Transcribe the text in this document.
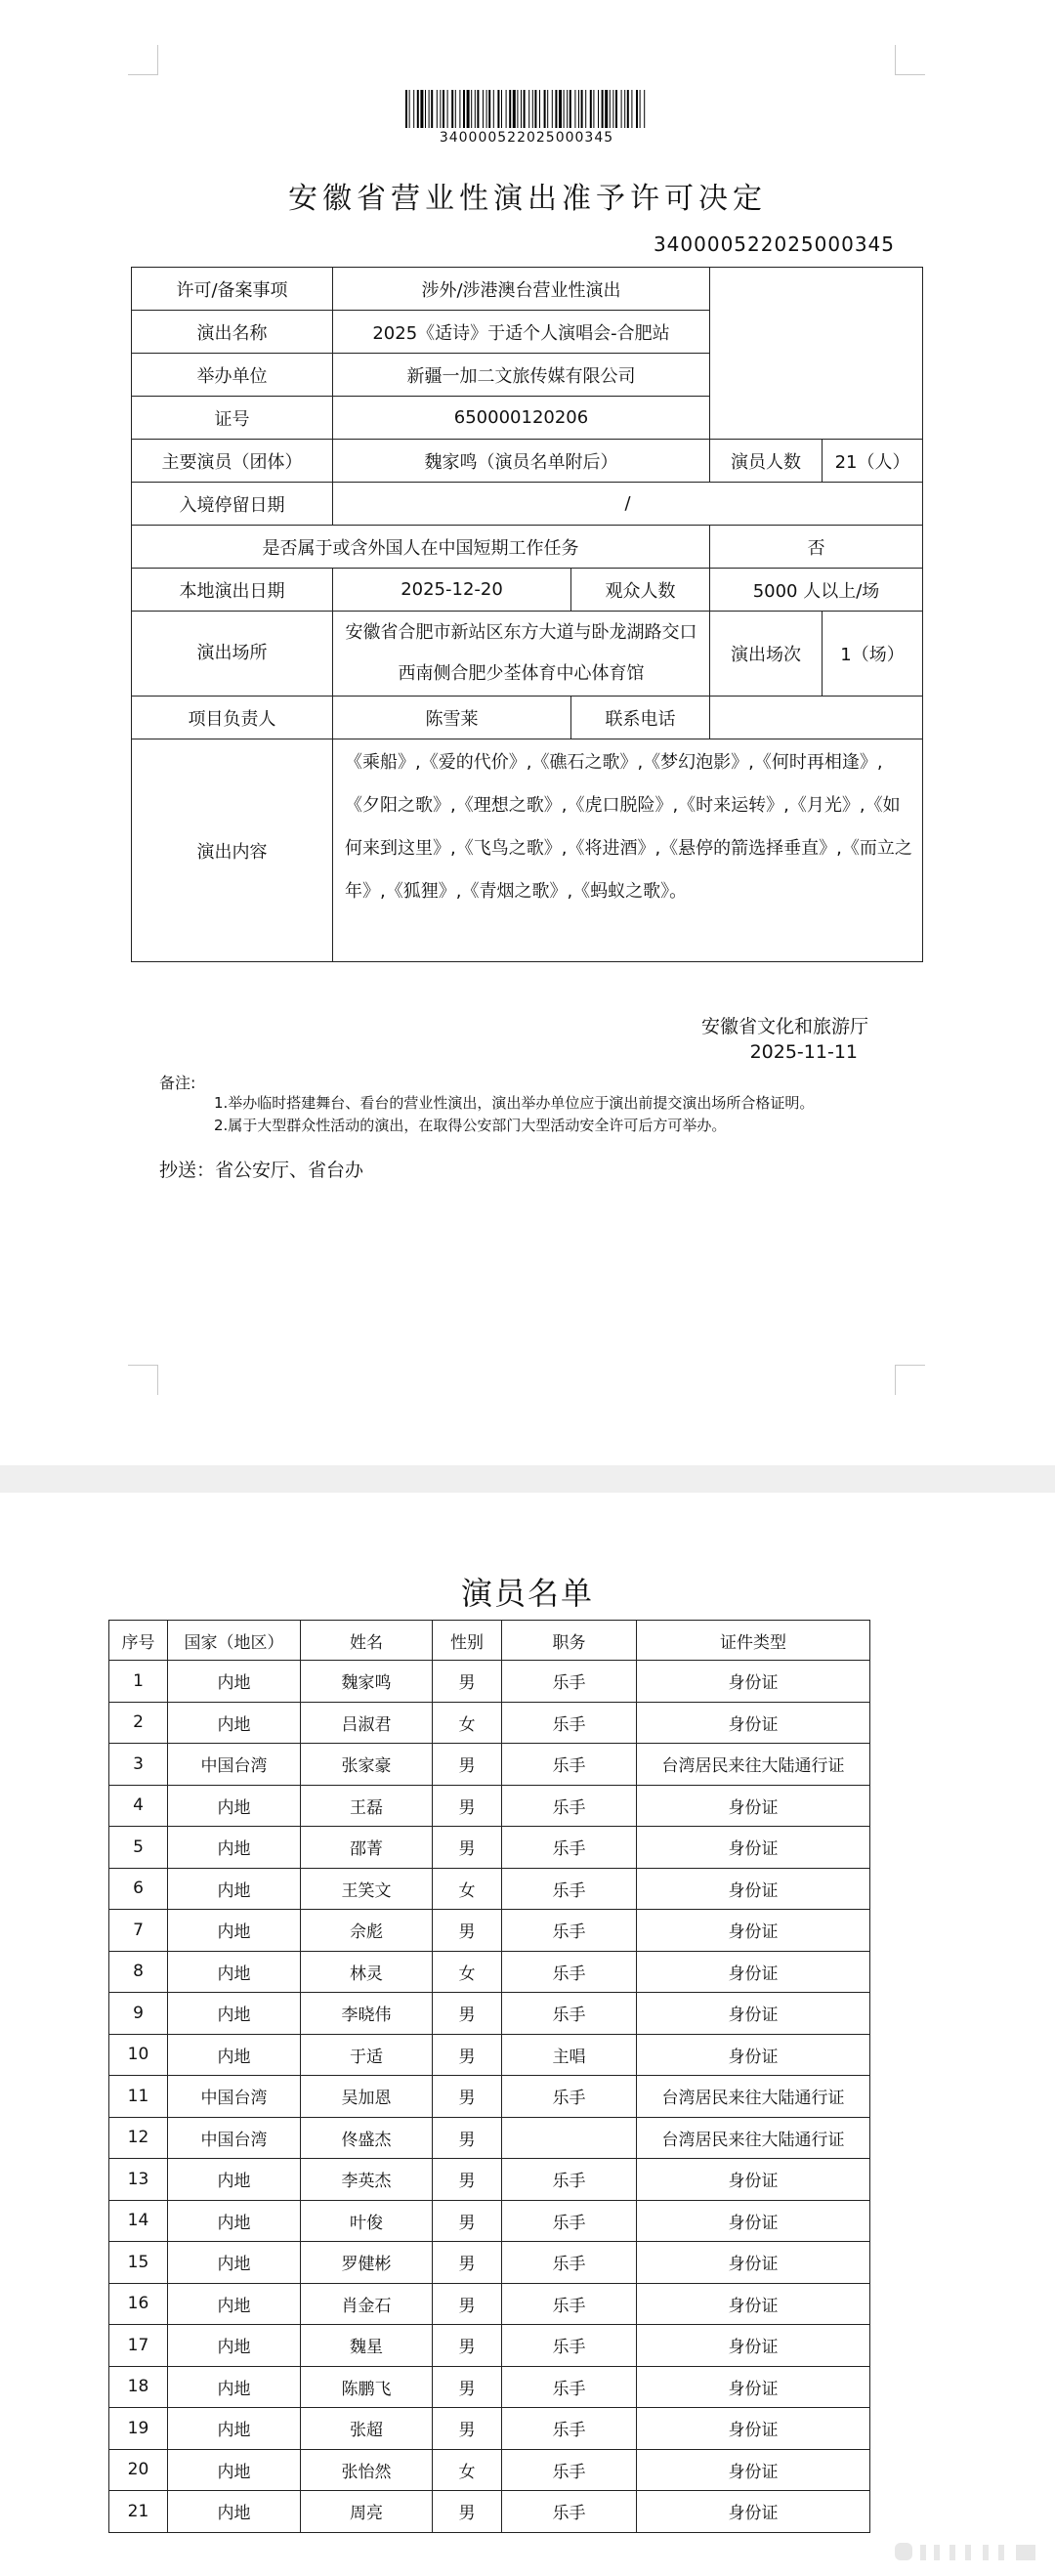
340000522025000345
安徽省营业性演出准予许可决定
340000522025000345
许可/备案事项	涉外/涉港澳台营业性演出			
演出名称	2025《适诗》于适个人演唱会-合肥站			
举办单位	新疆一加二文旅传媒有限公司			
证号	650000120206			
主要演员（团体）	魏家鸣（演员名单附后）		演员人数	21（人）
入境停留日期	/			
是否属于或含外国人在中国短期工作任务			否	
本地演出日期	2025-12-20	观众人数	5000 人以上/场	
演出场所	安徽省合肥市新站区东方大道与卧龙湖路交口西南侧合肥少荃体育中心体育馆		演出场次	1（场）
项目负责人	陈雪莱	联系电话		
演出内容	《乘船》,《爱的代价》,《礁石之歌》,《梦幻泡影》,《何时再相逢》,《夕阳之歌》,《理想之歌》,《虎口脱险》,《时来运转》,《月光》,《如何来到这里》,《飞鸟之歌》,《将进酒》,《悬停的箭选择垂直》,《而立之年》,《狐狸》,《青烟之歌》,《蚂蚁之歌》。			
安徽省文化和旅游厅
2025-11-11
备注:
1.举办临时搭建舞台、看台的营业性演出，演出举办单位应于演出前提交演出场所合格证明。
2.属于大型群众性活动的演出，在取得公安部门大型活动安全许可后方可举办。
抄送：省公安厅、省台办
演员名单
序号	国家（地区）	姓名	性别	职务	证件类型
1	内地	魏家鸣	男	乐手	身份证
2	内地	吕淑君	女	乐手	身份证
3	中国台湾	张家豪	男	乐手	台湾居民来往大陆通行证
4	内地	王磊	男	乐手	身份证
5	内地	邵菁	男	乐手	身份证
6	内地	王笑文	女	乐手	身份证
7	内地	佘彪	男	乐手	身份证
8	内地	林灵	女	乐手	身份证
9	内地	李晓伟	男	乐手	身份证
10	内地	于适	男	主唱	身份证
11	中国台湾	吴加恩	男	乐手	台湾居民来往大陆通行证
12	中国台湾	佟盛杰	男		台湾居民来往大陆通行证
13	内地	李英杰	男	乐手	身份证
14	内地	叶俊	男	乐手	身份证
15	内地	罗健彬	男	乐手	身份证
16	内地	肖金石	男	乐手	身份证
17	内地	魏星	男	乐手	身份证
18	内地	陈鹏飞	男	乐手	身份证
19	内地	张超	男	乐手	身份证
20	内地	张怡然	女	乐手	身份证
21	内地	周亮	男	乐手	身份证
